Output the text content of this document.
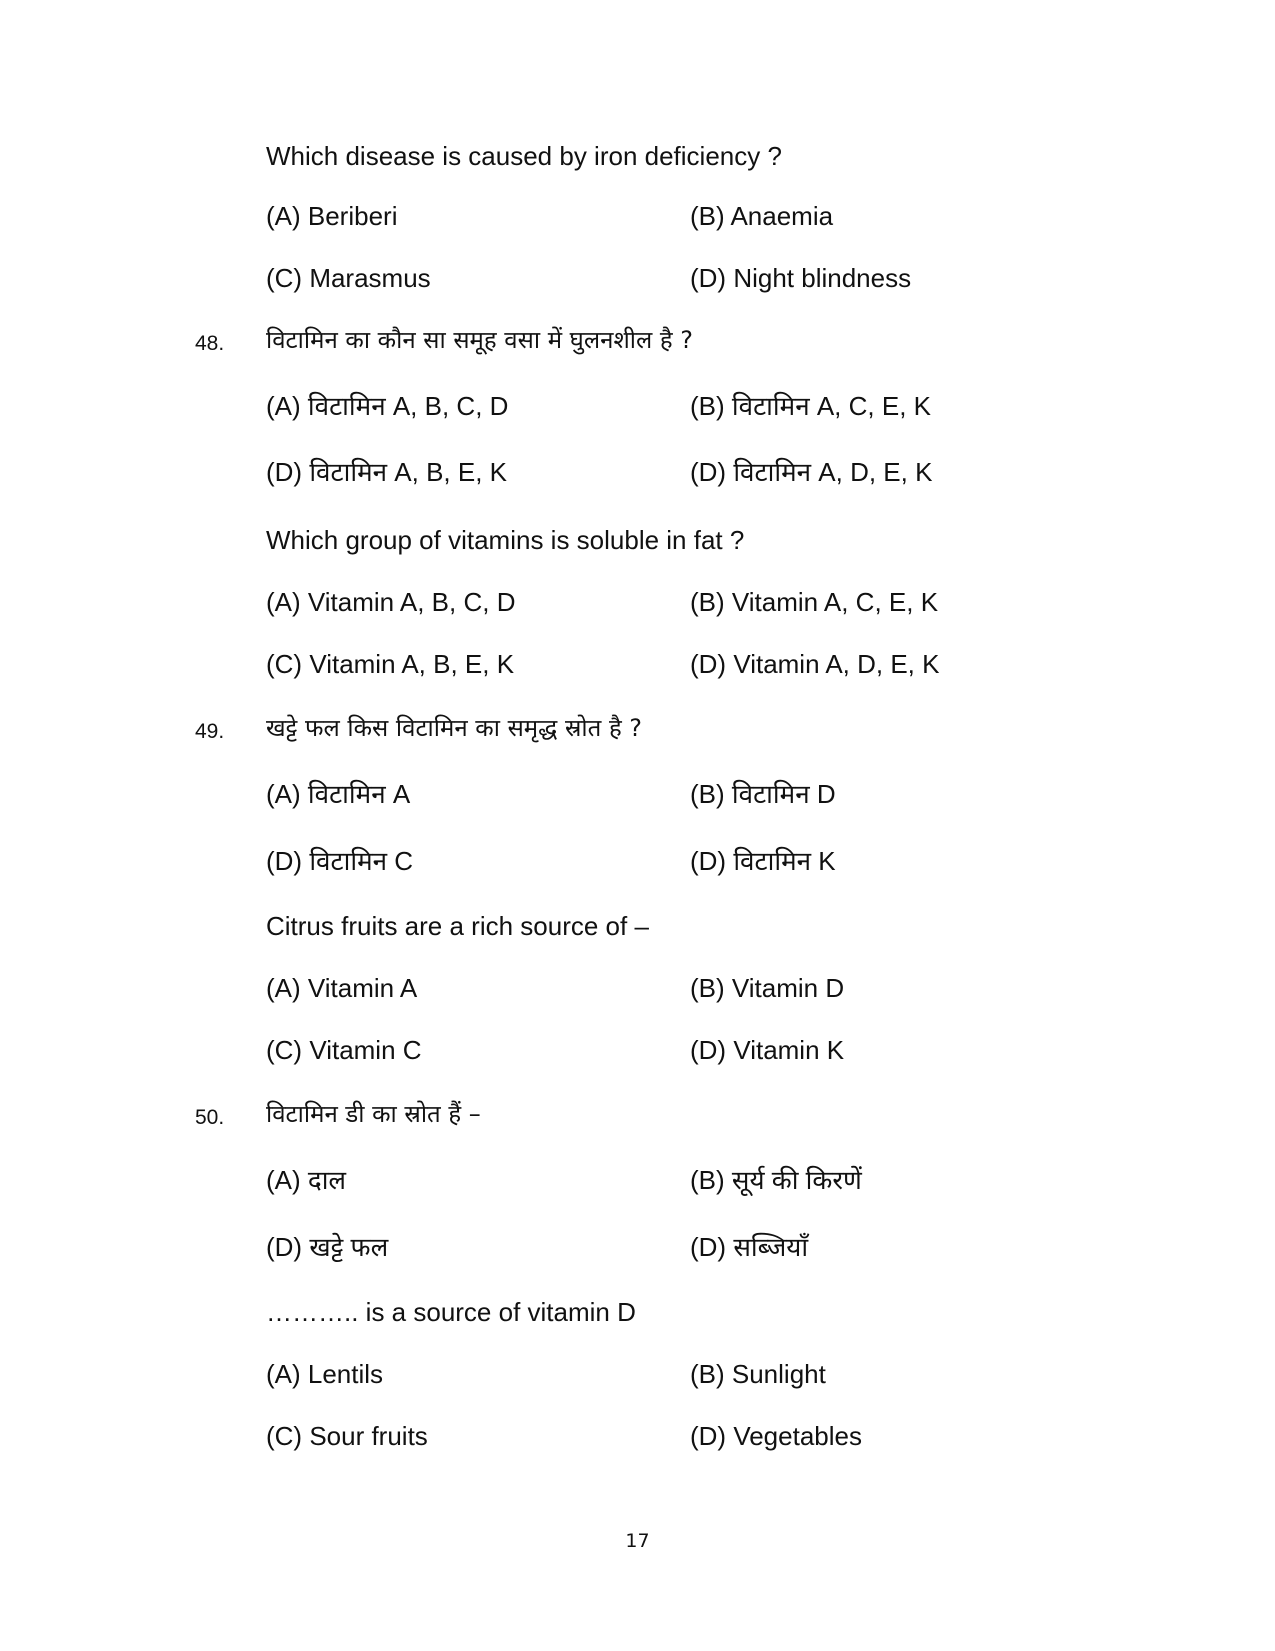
Which disease is caused by iron deficiency ?
(A) Beriberi	(B) Anaemia
(C) Marasmus	(D) Night blindness
48. विटामिन का कौन सा समूह वसा में घुलनशील है ?
(A) विटामिन A, B, C, D	(B) विटामिन A, C, E, K
(D) विटामिन A, B, E, K	(D) विटामिन A, D, E, K
Which group of vitamins is soluble in fat ?
(A) Vitamin A, B, C, D	(B) Vitamin A, C, E, K
(C) Vitamin A, B, E, K	(D) Vitamin A, D, E, K
49. खट्टे फल किस विटामिन का समृद्ध स्रोत है ?
(A) विटामिन A	(B) विटामिन D
(D) विटामिन C	(D) विटामिन K
Citrus fruits are a rich source of –
(A) Vitamin A	(B) Vitamin D
(C) Vitamin C	(D) Vitamin K
50. विटामिन डी का स्रोत हैं –
(A) दाल	(B) सूर्य की किरणें
(D) खट्टे फल	(D) सब्जियाँ
……….. is a source of vitamin D
(A) Lentils	(B) Sunlight
(C) Sour fruits	(D) Vegetables
17
